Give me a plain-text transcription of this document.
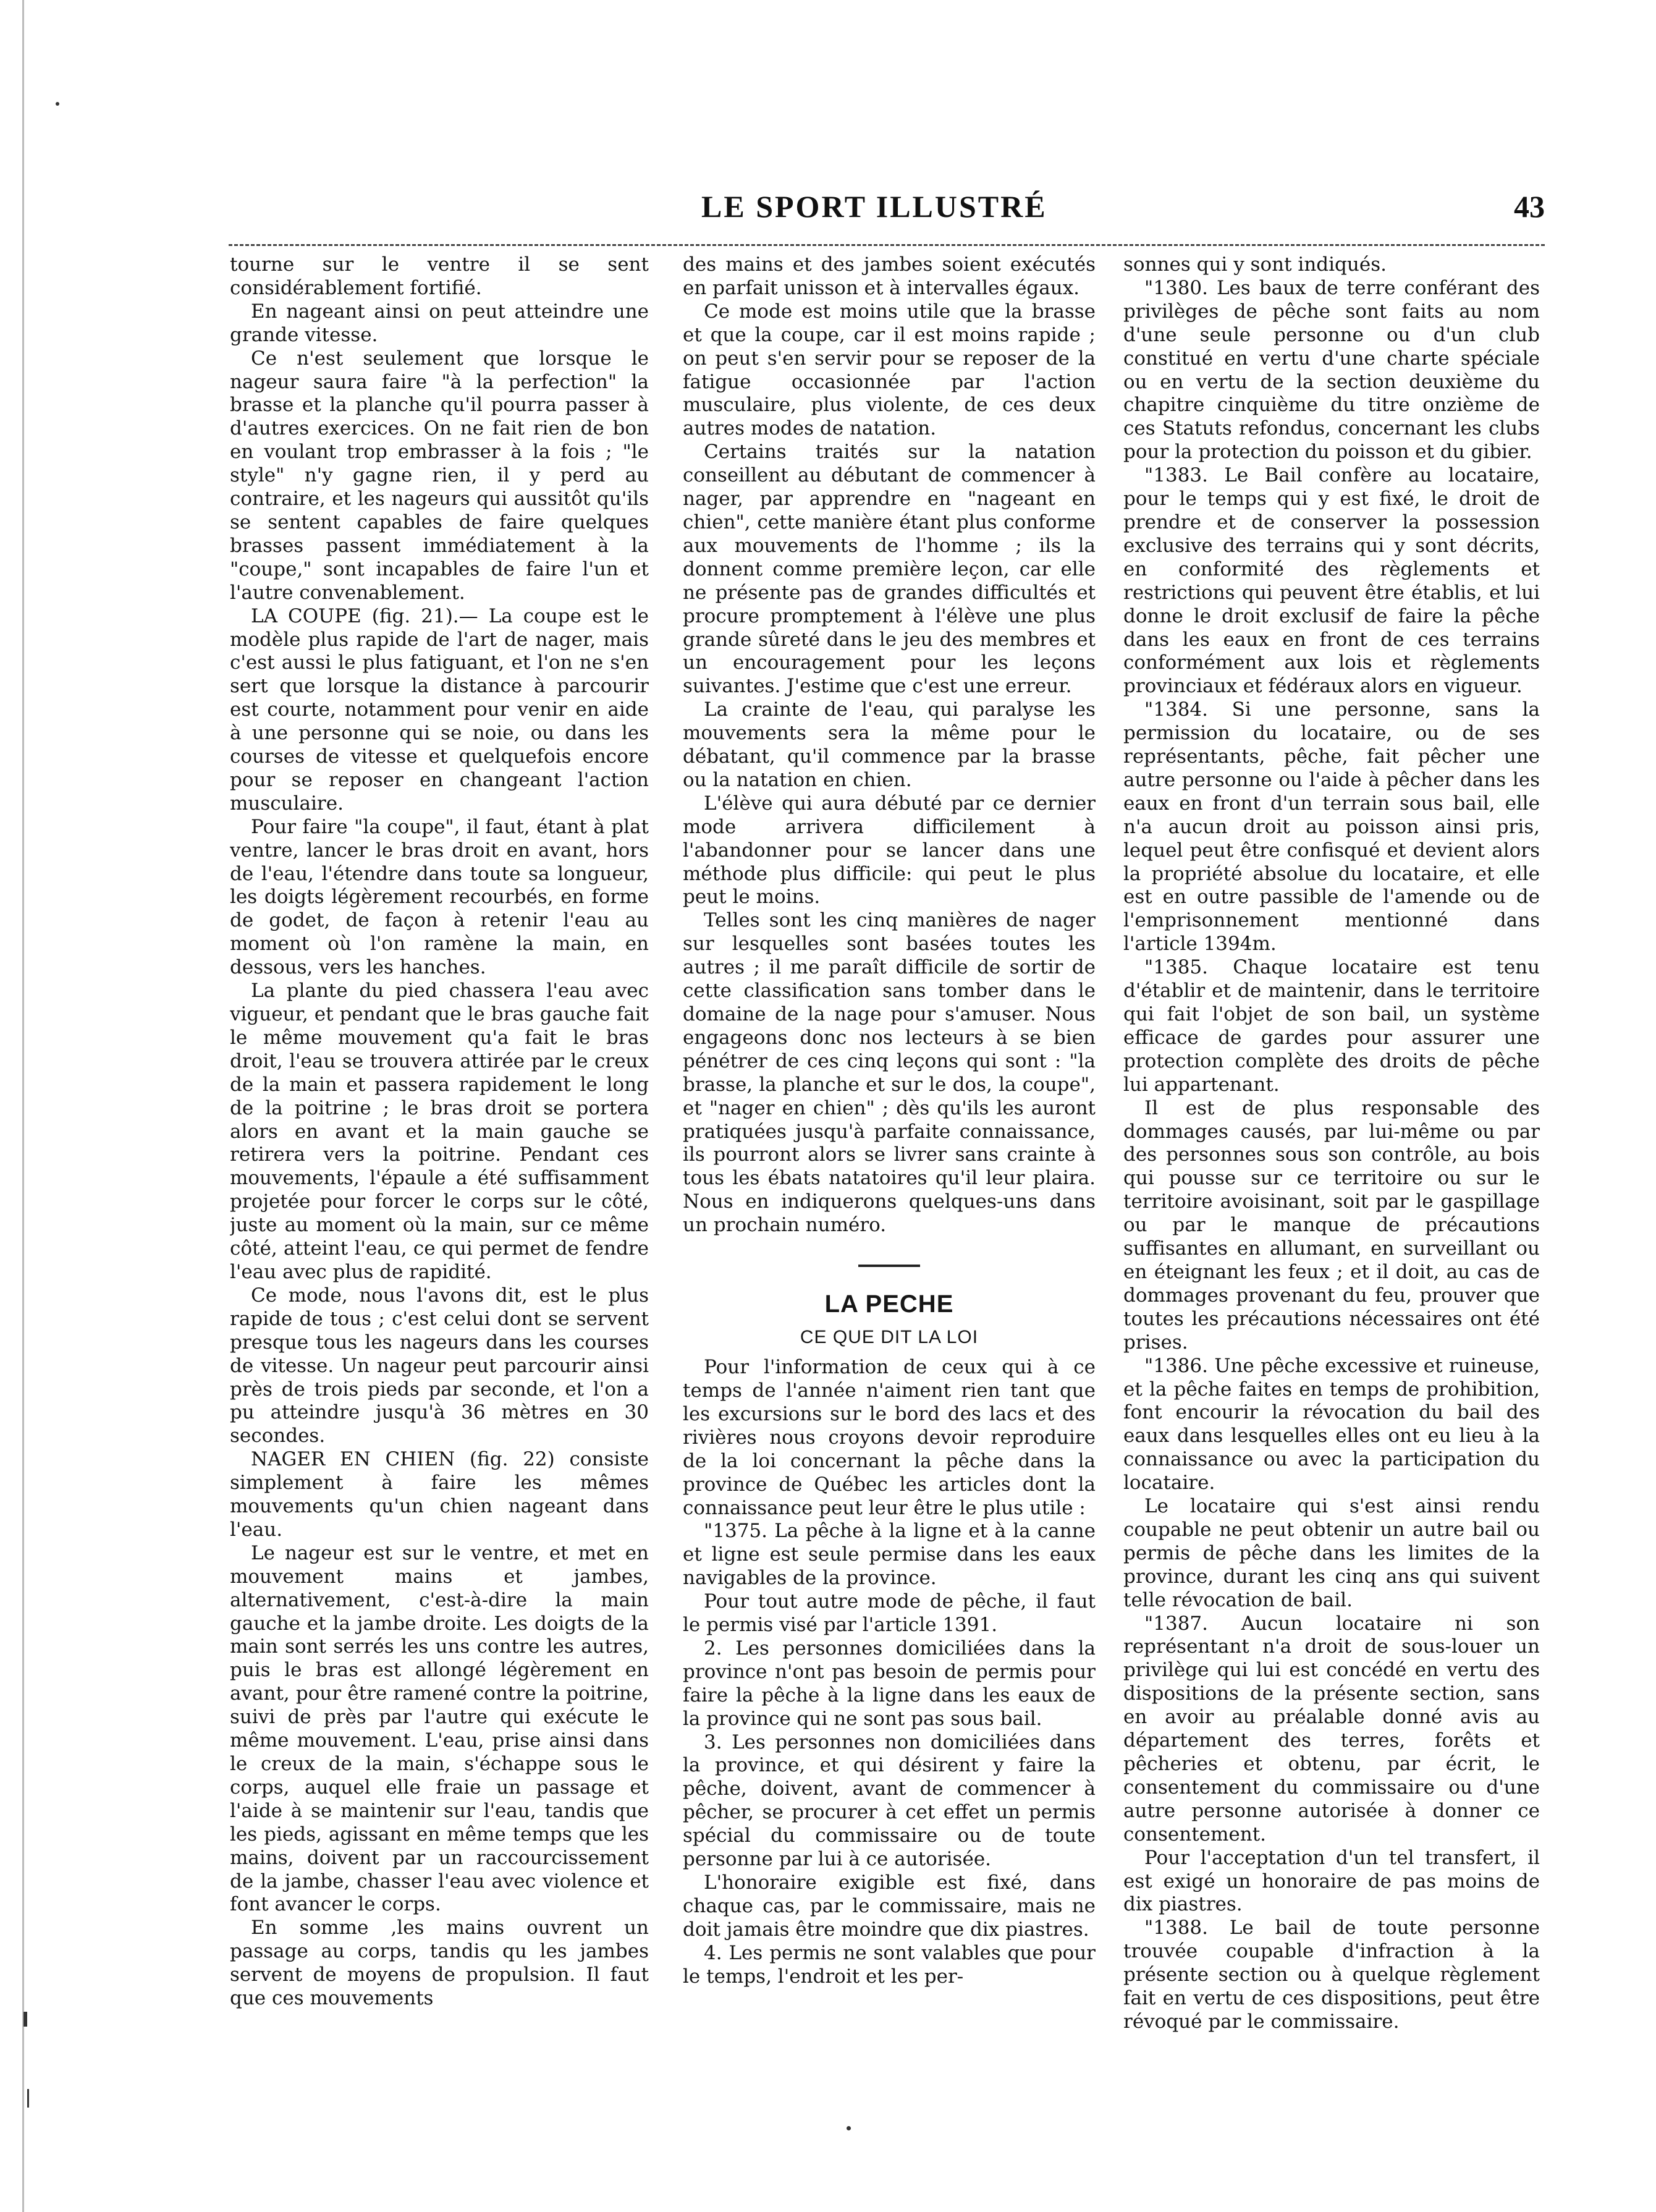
LE SPORT ILLUSTRÉ	43

tourne sur le ventre il se sent considérablement fortifié.

En nageant ainsi on peut atteindre une grande vitesse.

Ce n'est seulement que lorsque le nageur saura faire "à la perfection" la brasse et la planche qu'il pourra passer à d'autres exercices. On ne fait rien de bon en voulant trop embrasser à la fois ; "le style" n'y gagne rien, il y perd au contraire, et les nageurs qui aussitôt qu'ils se sentent capables de faire quelques brasses passent immédiatement à la "coupe," sont incapables de faire l'un et l'autre convenablement.

LA COUPE (fig. 21).— La coupe est le modèle plus rapide de l'art de nager, mais c'est aussi le plus fatiguant, et l'on ne s'en sert que lorsque la distance à parcourir est courte, notamment pour venir en aide à une personne qui se noie, ou dans les courses de vitesse et quelquefois encore pour se reposer en changeant l'action musculaire.

Pour faire "la coupe", il faut, étant à plat ventre, lancer le bras droit en avant, hors de l'eau, l'étendre dans toute sa longueur, les doigts légèrement recourbés, en forme de godet, de façon à retenir l'eau au moment où l'on ramène la main, en dessous, vers les hanches.

La plante du pied chassera l'eau avec vigueur, et pendant que le bras gauche fait le même mouvement qu'a fait le bras droit, l'eau se trouvera attirée par le creux de la main et passera rapidement le long de la poitrine ; le bras droit se portera alors en avant et la main gauche se retirera vers la poitrine. Pendant ces mouvements, l'épaule a été suffisamment projetée pour forcer le corps sur le côté, juste au moment où la main, sur ce même côté, atteint l'eau, ce qui permet de fendre l'eau avec plus de rapidité.

Ce mode, nous l'avons dit, est le plus rapide de tous ; c'est celui dont se servent presque tous les nageurs dans les courses de vitesse. Un nageur peut parcourir ainsi près de trois pieds par seconde, et l'on a pu atteindre jusqu'à 36 mètres en 30 secondes.

NAGER EN CHIEN (fig. 22) consiste simplement à faire les mêmes mouvements qu'un chien nageant dans l'eau.

Le nageur est sur le ventre, et met en mouvement mains et jambes, alternativement, c'est-à-dire la main gauche et la jambe droite. Les doigts de la main sont serrés les uns contre les autres, puis le bras est allongé légèrement en avant, pour être ramené contre la poitrine, suivi de près par l'autre qui exécute le même mouvement. L'eau, prise ainsi dans le creux de la main, s'échappe sous le corps, auquel elle fraie un passage et l'aide à se maintenir sur l'eau, tandis que les pieds, agissant en même temps que les mains, doivent par un raccourcissement de la jambe, chasser l'eau avec violence et font avancer le corps.

En somme ,les mains ouvrent un passage au corps, tandis qu les jambes servent de moyens de propulsion. Il faut que ces mouvements

des mains et des jambes soient exécutés en parfait unisson et à intervalles égaux.

Ce mode est moins utile que la brasse et que la coupe, car il est moins rapide ; on peut s'en servir pour se reposer de la fatigue occasionnée par l'action musculaire, plus violente, de ces deux autres modes de natation.

Certains traités sur la natation conseillent au débutant de commencer à nager, par apprendre en "nageant en chien", cette manière étant plus conforme aux mouvements de l'homme ; ils la donnent comme première leçon, car elle ne présente pas de grandes difficultés et procure promptement à l'élève une plus grande sûreté dans le jeu des membres et un encouragement pour les leçons suivantes. J'estime que c'est une erreur.

La crainte de l'eau, qui paralyse les mouvements sera la même pour le débatant, qu'il commence par la brasse ou la natation en chien.

L'élève qui aura débuté par ce dernier mode arrivera difficilement à l'abandonner pour se lancer dans une méthode plus difficile: qui peut le plus peut le moins.

Telles sont les cinq manières de nager sur lesquelles sont basées toutes les autres ; il me paraît difficile de sortir de cette classification sans tomber dans le domaine de la nage pour s'amuser. Nous engageons donc nos lecteurs à se bien pénétrer de ces cinq leçons qui sont : "la brasse, la planche et sur le dos, la coupe", et "nager en chien" ; dès qu'ils les auront pratiquées jusqu'à parfaite connaissance, ils pourront alors se livrer sans crainte à tous les ébats natatoires qu'il leur plaira. Nous en indiquerons quelques-uns dans un prochain numéro.

LA PECHE
CE QUE DIT LA LOI

Pour l'information de ceux qui à ce temps de l'année n'aiment rien tant que les excursions sur le bord des lacs et des rivières nous croyons devoir reproduire de la loi concernant la pêche dans la province de Québec les articles dont la connaissance peut leur être le plus utile :

"1375. La pêche à la ligne et à la canne et ligne est seule permise dans les eaux navigables de la province.

Pour tout autre mode de pêche, il faut le permis visé par l'article 1391.

2. Les personnes domiciliées dans la province n'ont pas besoin de permis pour faire la pêche à la ligne dans les eaux de la province qui ne sont pas sous bail.

3. Les personnes non domiciliées dans la province, et qui désirent y faire la pêche, doivent, avant de commencer à pêcher, se procurer à cet effet un permis spécial du commissaire ou de toute personne par lui à ce autorisée.

L'honoraire exigible est fixé, dans chaque cas, par le commissaire, mais ne doit jamais être moindre que dix piastres.

4. Les permis ne sont valables que pour le temps, l'endroit et les per-

sonnes qui y sont indiqués.

"1380. Les baux de terre conférant des privilèges de pêche sont faits au nom d'une seule personne ou d'un club constitué en vertu d'une charte spéciale ou en vertu de la section deuxième du chapitre cinquième du titre onzième de ces Statuts refondus, concernant les clubs pour la protection du poisson et du gibier.

"1383. Le Bail confère au locataire, pour le temps qui y est fixé, le droit de prendre et de conserver la possession exclusive des terrains qui y sont décrits, en conformité des règlements et restrictions qui peuvent être établis, et lui donne le droit exclusif de faire la pêche dans les eaux en front de ces terrains conformément aux lois et règlements provinciaux et fédéraux alors en vigueur.

"1384. Si une personne, sans la permission du locataire, ou de ses représentants, pêche, fait pêcher une autre personne ou l'aide à pêcher dans les eaux en front d'un terrain sous bail, elle n'a aucun droit au poisson ainsi pris, lequel peut être confisqué et devient alors la propriété absolue du locataire, et elle est en outre passible de l'amende ou de l'emprisonnement mentionné dans l'article 1394m.

"1385. Chaque locataire est tenu d'établir et de maintenir, dans le territoire qui fait l'objet de son bail, un système efficace de gardes pour assurer une protection complète des droits de pêche lui appartenant.

Il est de plus responsable des dommages causés, par lui-même ou par des personnes sous son contrôle, au bois qui pousse sur ce territoire ou sur le territoire avoisinant, soit par le gaspillage ou par le manque de précautions suffisantes en allumant, en surveillant ou en éteignant les feux ; et il doit, au cas de dommages provenant du feu, prouver que toutes les précautions nécessaires ont été prises.

"1386. Une pêche excessive et ruineuse, et la pêche faites en temps de prohibition, font encourir la révocation du bail des eaux dans lesquelles elles ont eu lieu à la connaissance ou avec la participation du locataire.

Le locataire qui s'est ainsi rendu coupable ne peut obtenir un autre bail ou permis de pêche dans les limites de la province, durant les cinq ans qui suivent telle révocation de bail.

"1387. Aucun locataire ni son représentant n'a droit de sous-louer un privilège qui lui est concédé en vertu des dispositions de la présente section, sans en avoir au préalable donné avis au département des terres, forêts et pêcheries et obtenu, par écrit, le consentement du commissaire ou d'une autre personne autorisée à donner ce consentement.

Pour l'acceptation d'un tel transfert, il est exigé un honoraire de pas moins de dix piastres.

"1388. Le bail de toute personne trouvée coupable d'infraction à la présente section ou à quelque règlement fait en vertu de ces dispositions, peut être révoqué par le commissaire.
